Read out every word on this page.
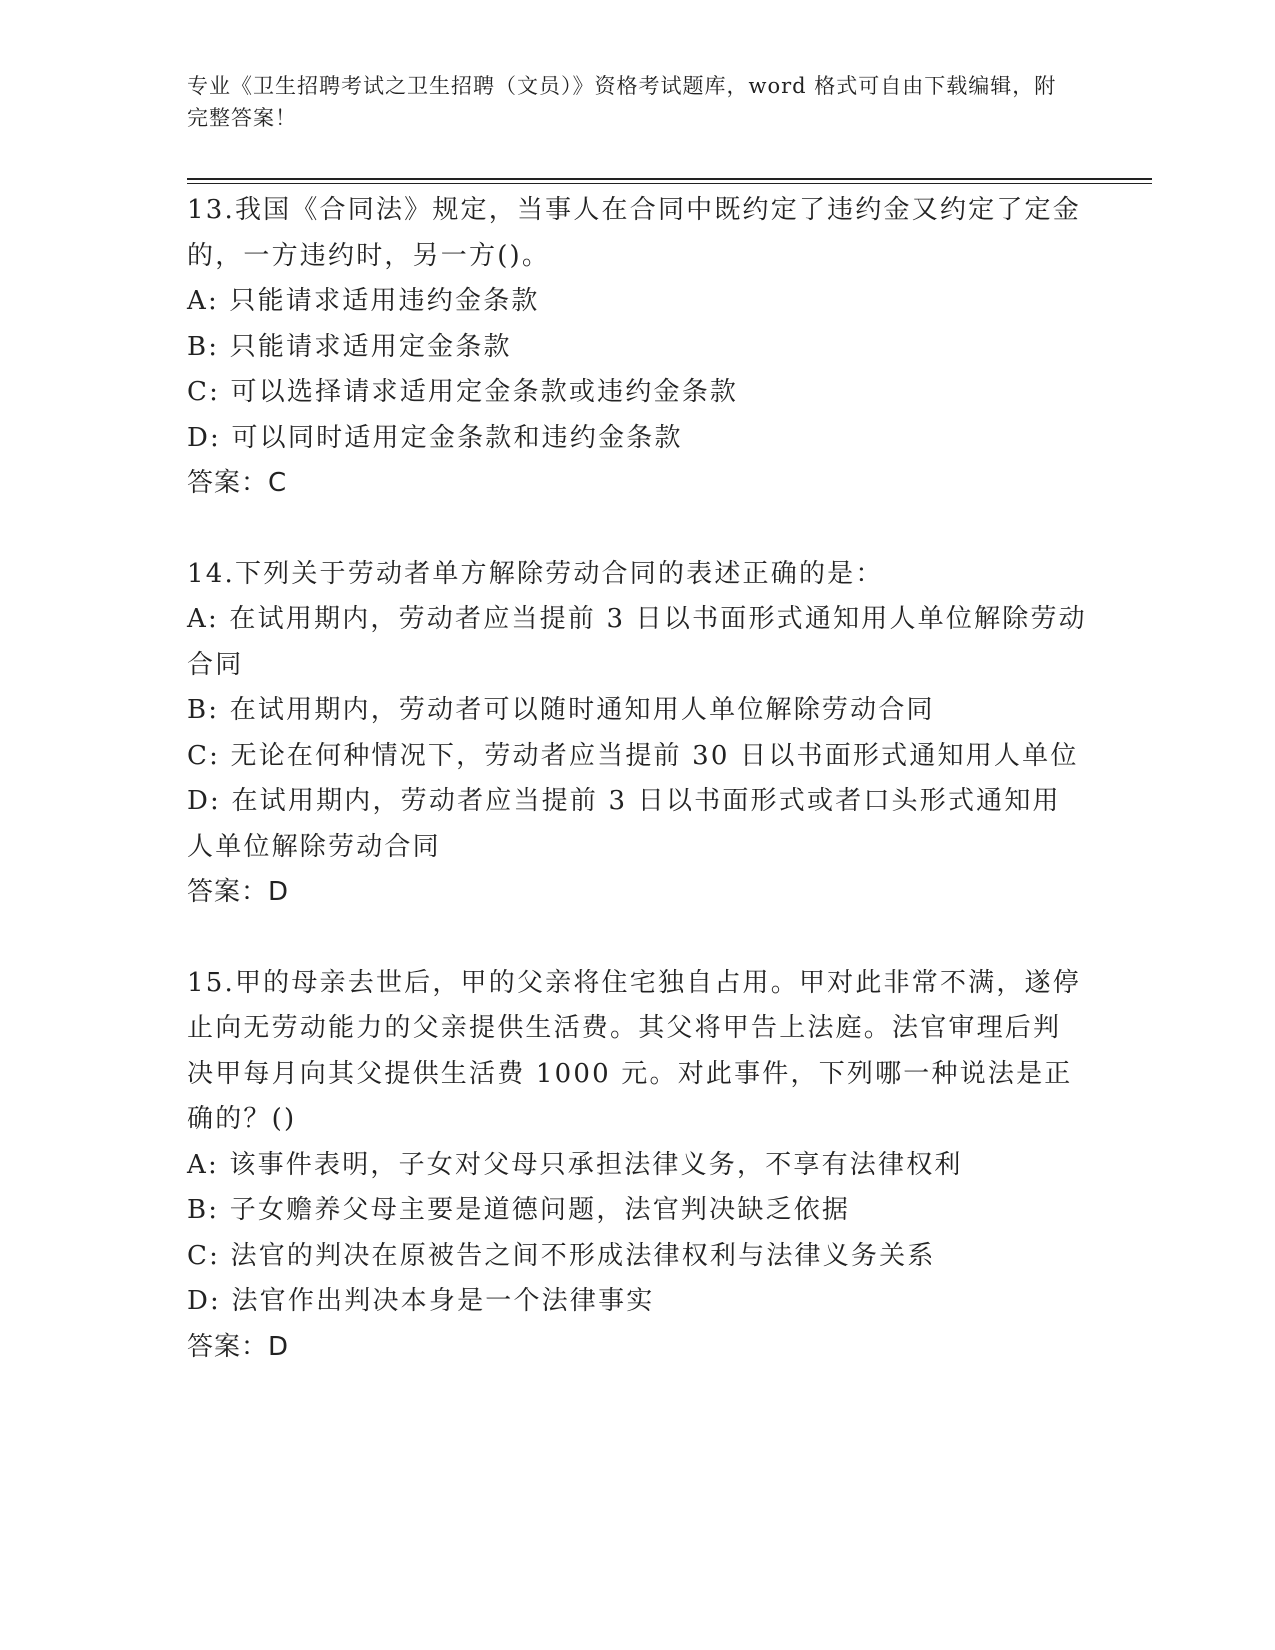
专业《卫生招聘考试之卫生招聘（文员）》资格考试题库，word 格式可自由下载编辑，附完整答案！
13.我国《合同法》规定，当事人在合同中既约定了违约金又约定了定金的，一方违约时，另一方()。
A: 只能请求适用违约金条款
B: 只能请求适用定金条款
C: 可以选择请求适用定金条款或违约金条款
D: 可以同时适用定金条款和违约金条款
答案：C
14.下列关于劳动者单方解除劳动合同的表述正确的是：
A: 在试用期内，劳动者应当提前 3 日以书面形式通知用人单位解除劳动合同
B: 在试用期内，劳动者可以随时通知用人单位解除劳动合同
C: 无论在何种情况下，劳动者应当提前 30 日以书面形式通知用人单位
D: 在试用期内，劳动者应当提前 3 日以书面形式或者口头形式通知用人单位解除劳动合同
答案：D
15.甲的母亲去世后，甲的父亲将住宅独自占用。甲对此非常不满，遂停止向无劳动能力的父亲提供生活费。其父将甲告上法庭。法官审理后判决甲每月向其父提供生活费 1000 元。对此事件，下列哪一种说法是正确的？()
A: 该事件表明，子女对父母只承担法律义务，不享有法律权利
B: 子女赡养父母主要是道德问题，法官判决缺乏依据
C: 法官的判决在原被告之间不形成法律权利与法律义务关系
D: 法官作出判决本身是一个法律事实
答案：D
